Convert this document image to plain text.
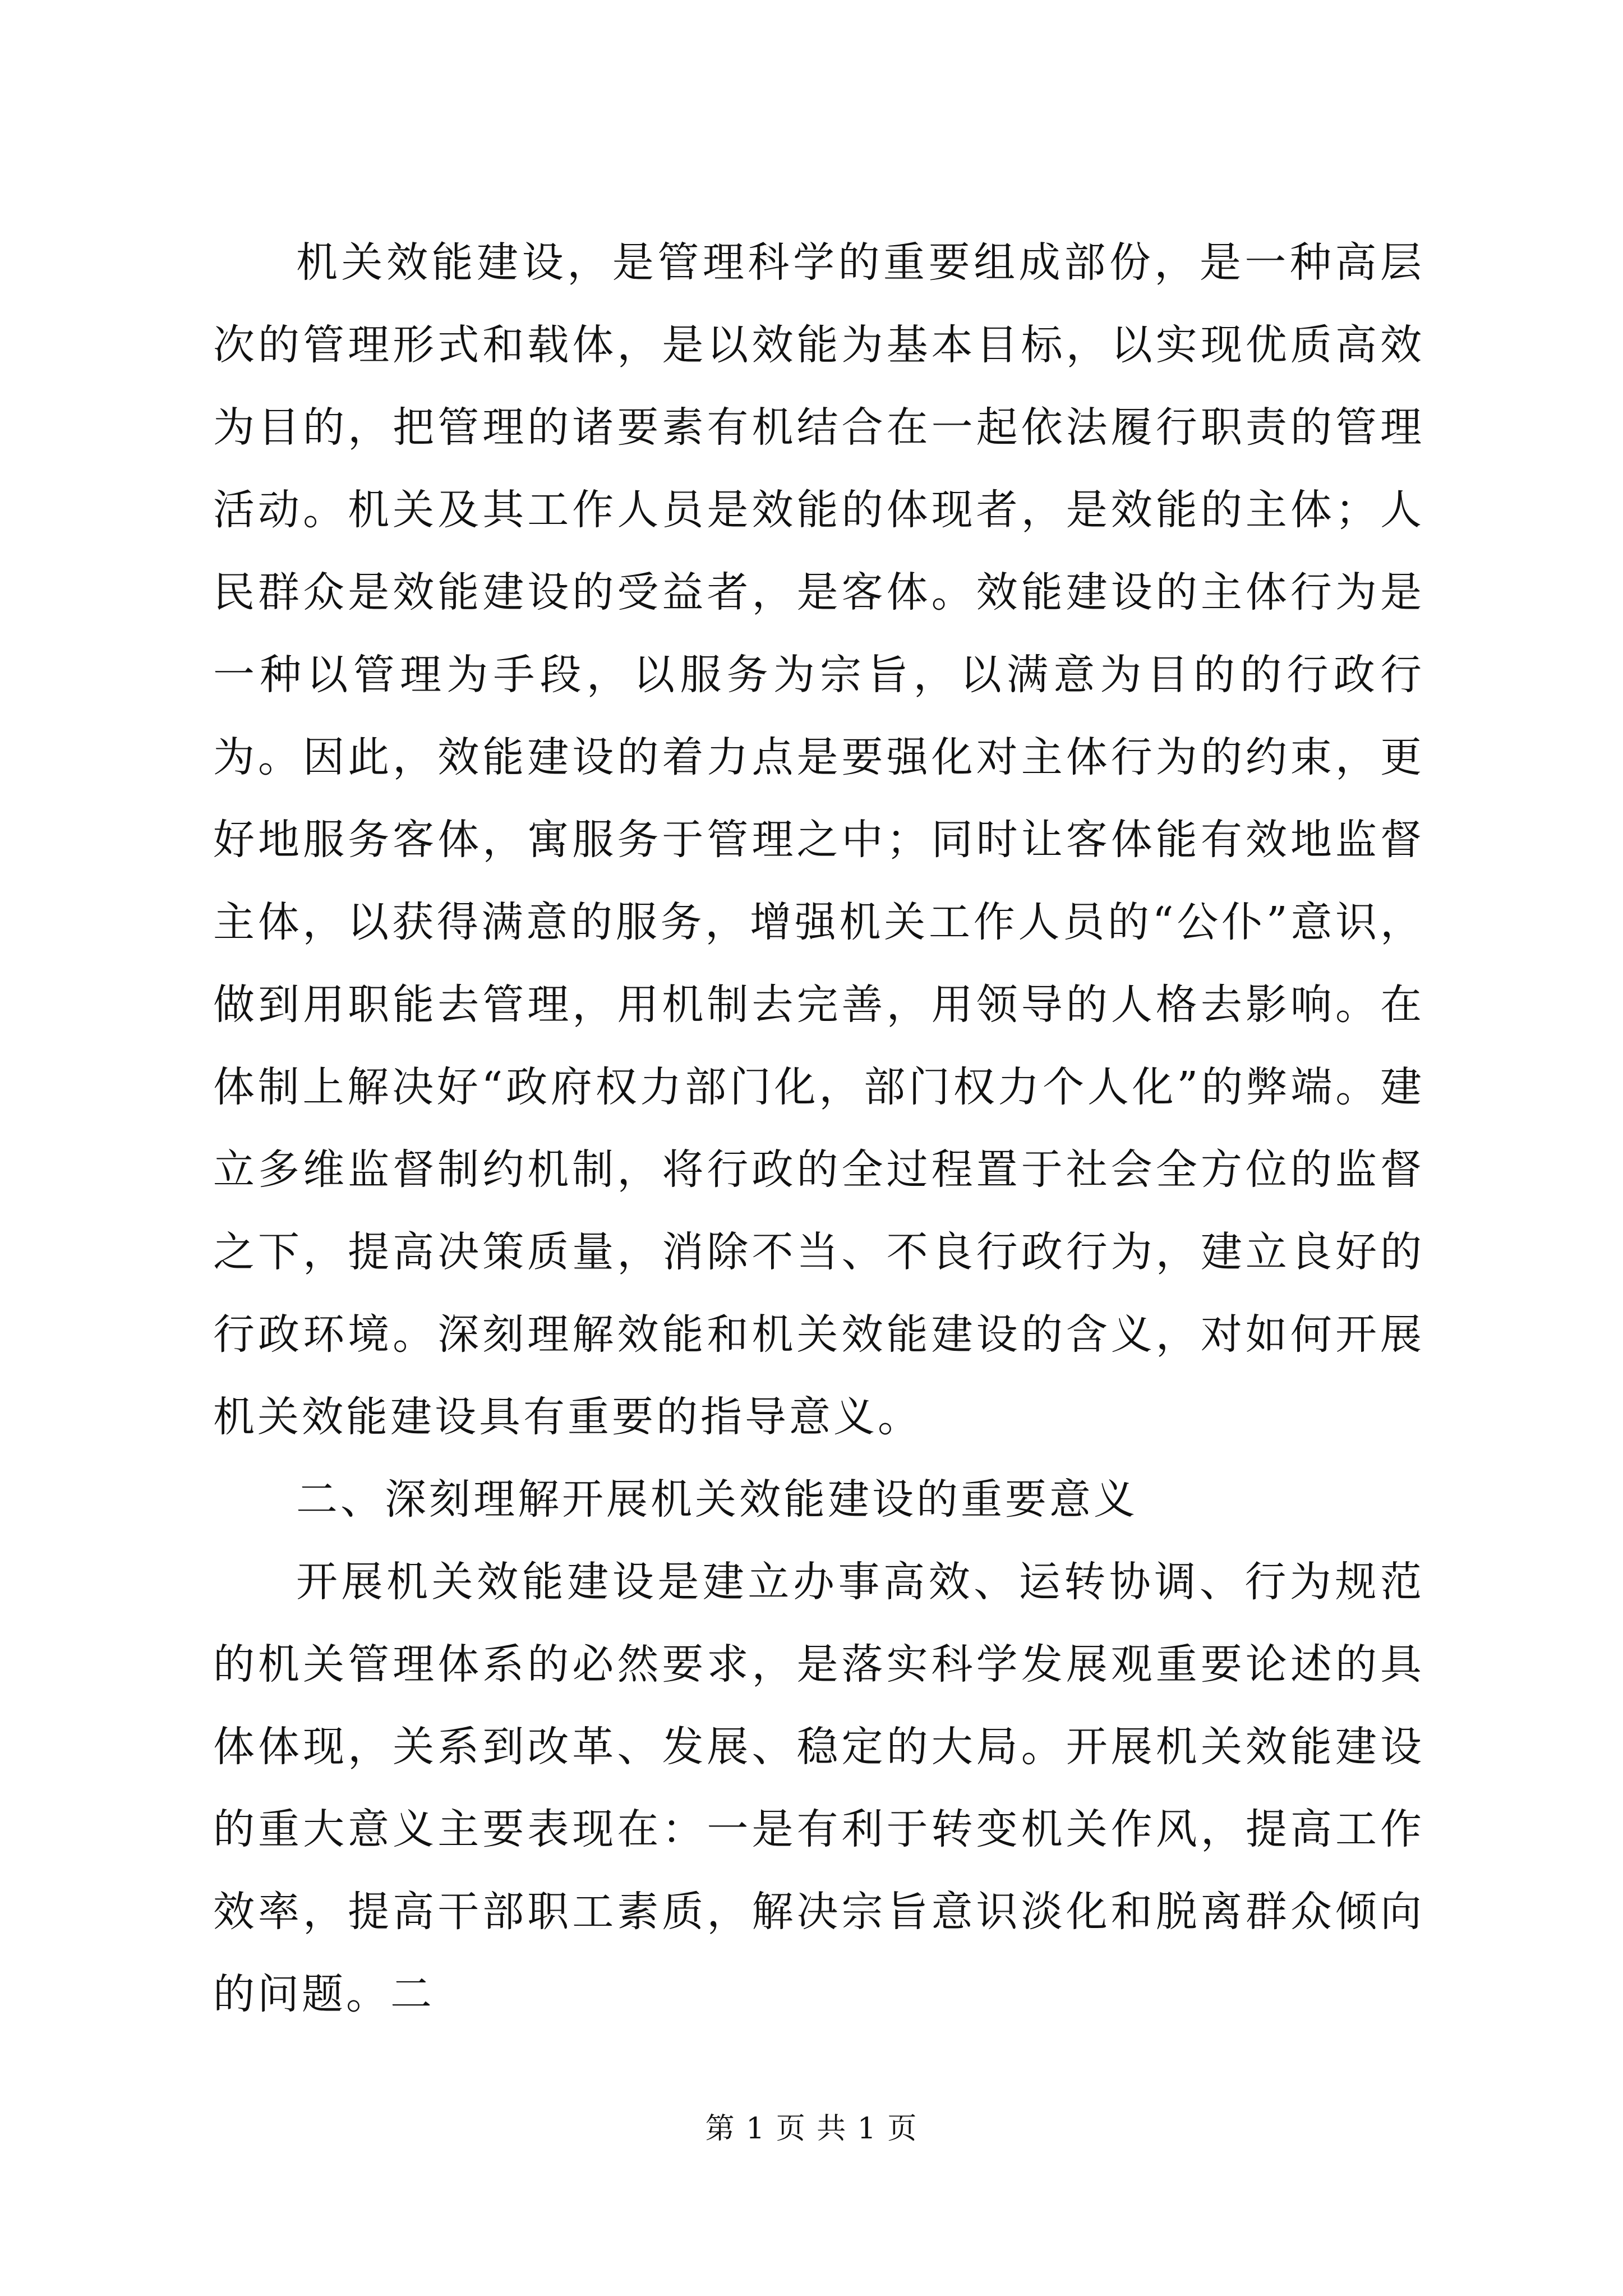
机关效能建设，是管理科学的重要组成部份，是一种高层次的管理形式和载体，是以效能为基本目标，以实现优质高效为目的，把管理的诸要素有机结合在一起依法履行职责的管理活动。机关及其工作人员是效能的体现者，是效能的主体；人民群众是效能建设的受益者，是客体。效能建设的主体行为是一种以管理为手段，以服务为宗旨，以满意为目的的行政行为。因此，效能建设的着力点是要强化对主体行为的约束，更好地服务客体，寓服务于管理之中；同时让客体能有效地监督主体，以获得满意的服务，增强机关工作人员的“公仆”意识，做到用职能去管理，用机制去完善，用领导的人格去影响。在体制上解决好“政府权力部门化，部门权力个人化”的弊端。建立多维监督制约机制，将行政的全过程置于社会全方位的监督之下，提高决策质量，消除不当、不良行政行为，建立良好的行政环境。深刻理解效能和机关效能建设的含义，对如何开展机关效能建设具有重要的指导意义。

二、深刻理解开展机关效能建设的重要意义

开展机关效能建设是建立办事高效、运转协调、行为规范的机关管理体系的必然要求，是落实科学发展观重要论述的具体体现，关系到改革、发展、稳定的大局。开展机关效能建设的重大意义主要表现在：一是有利于转变机关作风，提高工作效率，提高干部职工素质，解决宗旨意识淡化和脱离群众倾向的问题。二

第 1 页 共 1 页
